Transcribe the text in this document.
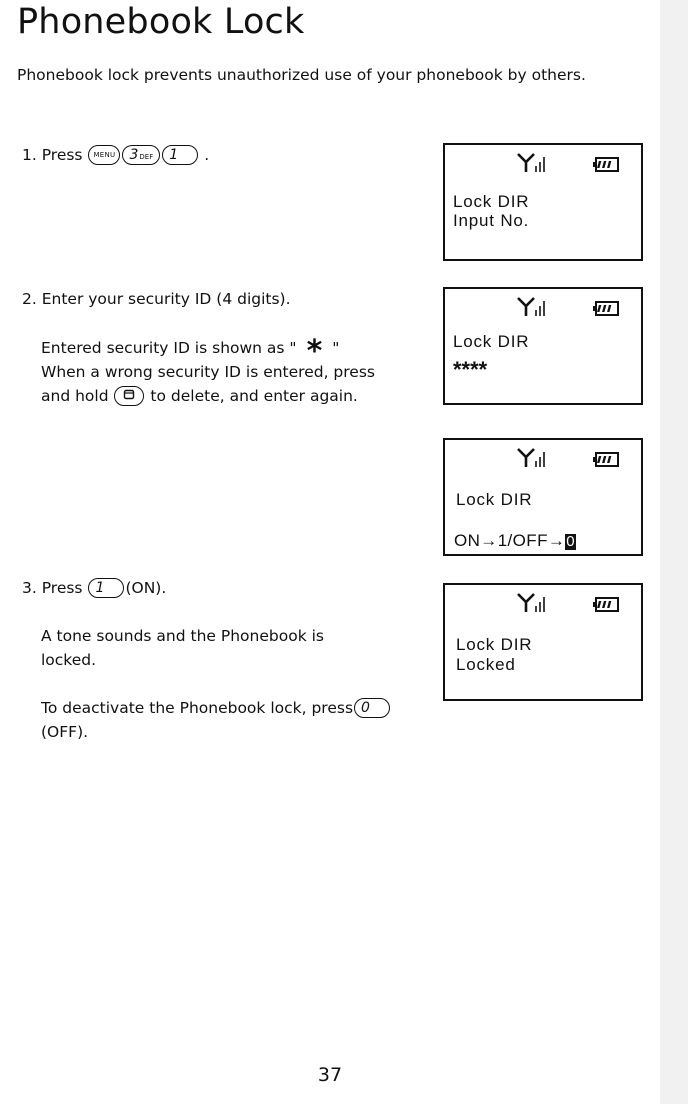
Phonebook Lock
Phonebook lock prevents unauthorized use of your phonebook by others.

1. Press MENU 3DEF 1 .

2. Enter your security ID (4 digits).

Entered security ID is shown as " * "

When a wrong security ID is entered, press

and hold	to delete, and enter again.

3. Press 1 (ON).

A tone sounds and the Phonebook is

locked.

To deactivate the Phonebook lock, press 0

(OFF).

Lock DIR
Input No.
Lock DIR
****
Lock DIR
ON→1/OFF→0
Lock DIR
Locked
37
